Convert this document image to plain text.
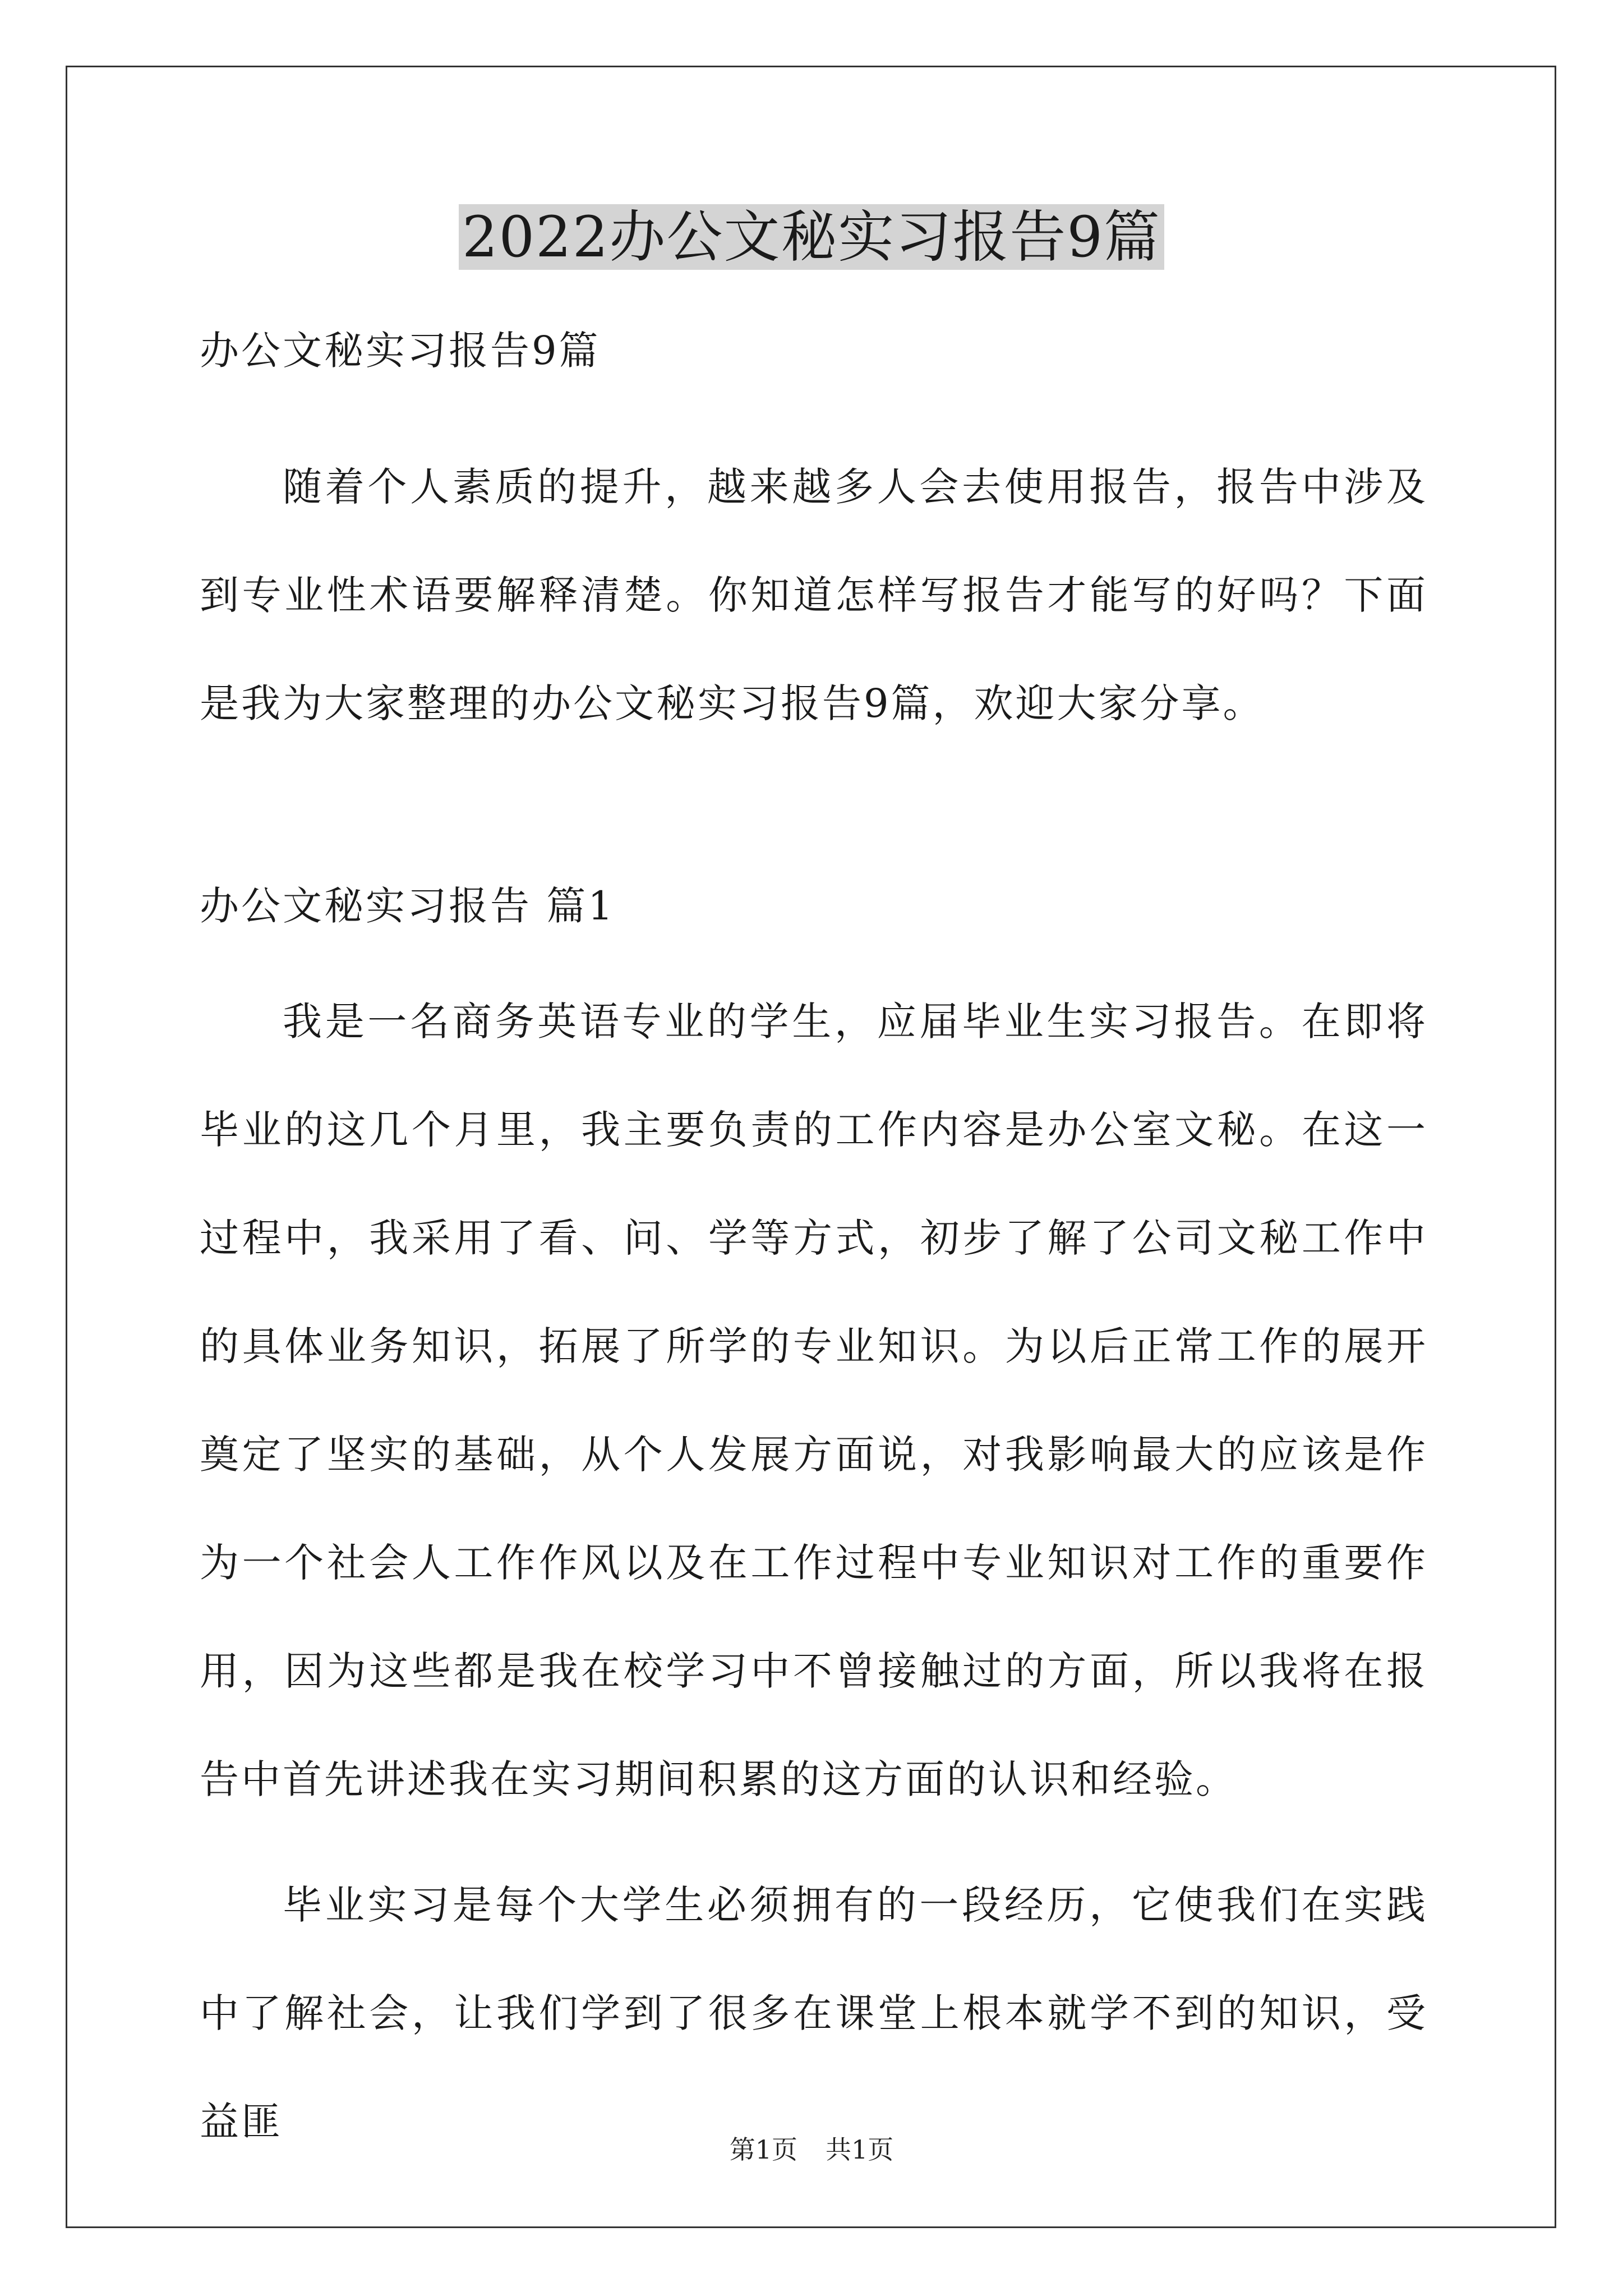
2022办公文秘实习报告9篇
办公文秘实习报告9篇

随着个人素质的提升，越来越多人会去使用报告，报告中涉及到专业性术语要解释清楚。你知道怎样写报告才能写的好吗？下面是我为大家整理的办公文秘实习报告9篇，欢迎大家分享。

办公文秘实习报告 篇1

我是一名商务英语专业的学生，应届毕业生实习报告。在即将毕业的这几个月里，我主要负责的工作内容是办公室文秘。在这一过程中，我采用了看、问、学等方式，初步了解了公司文秘工作中的具体业务知识，拓展了所学的专业知识。为以后正常工作的展开奠定了坚实的基础，从个人发展方面说，对我影响最大的应该是作为一个社会人工作作风以及在工作过程中专业知识对工作的重要作用，因为这些都是我在校学习中不曾接触过的方面，所以我将在报告中首先讲述我在实习期间积累的这方面的认识和经验。

毕业实习是每个大学生必须拥有的一段经历，它使我们在实践中了解社会，让我们学到了很多在课堂上根本就学不到的知识，受益匪

第1页 共1页
